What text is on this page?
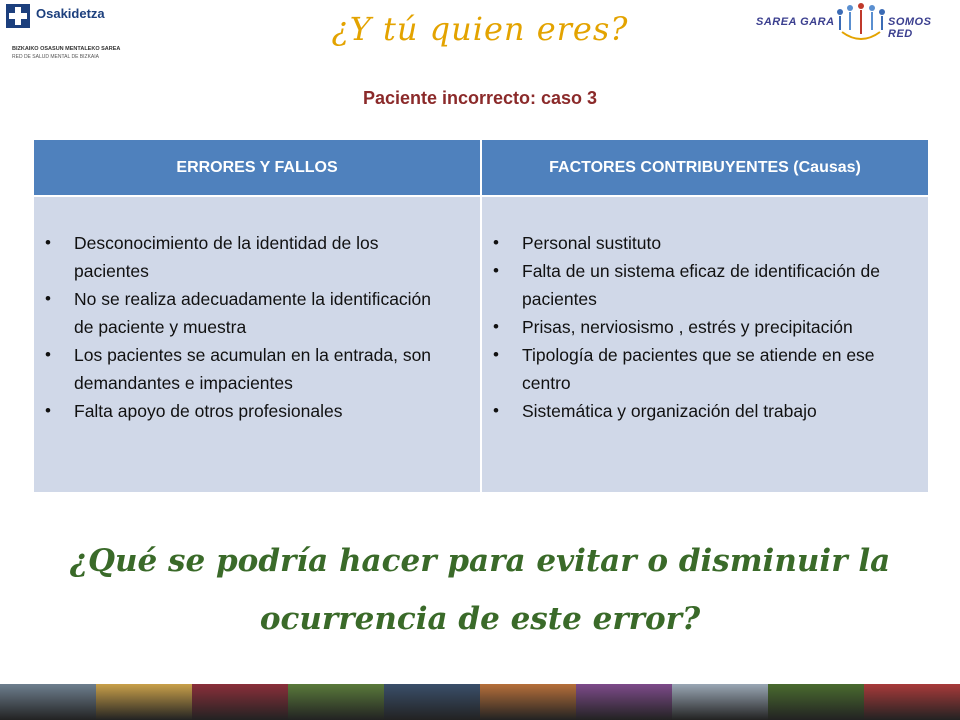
Osakidetza
BIZKAIKO OSASUN MENTALEKO SAREA
RED DE SALUD MENTAL DE BIZKAIA
SAREA GARA	SOMOS RED
¿Y tú quien eres?
Paciente incorrecto: caso 3
ERRORES Y FALLOS	FACTORES CONTRIBUYENTES (Causas)
• Desconocimiento de la identidad de los pacientes
• No se realiza adecuadamente la identificación de paciente y muestra
• Los pacientes se acumulan en la entrada, son demandantes e impacientes
• Falta apoyo de otros profesionales
• Personal sustituto
• Falta de un sistema eficaz de identificación de pacientes
• Prisas, nerviosismo , estrés y precipitación
• Tipología de pacientes que se atiende en ese centro
• Sistemática y organización del trabajo
¿Qué se podría hacer para evitar o disminuir la
ocurrencia de este error?
